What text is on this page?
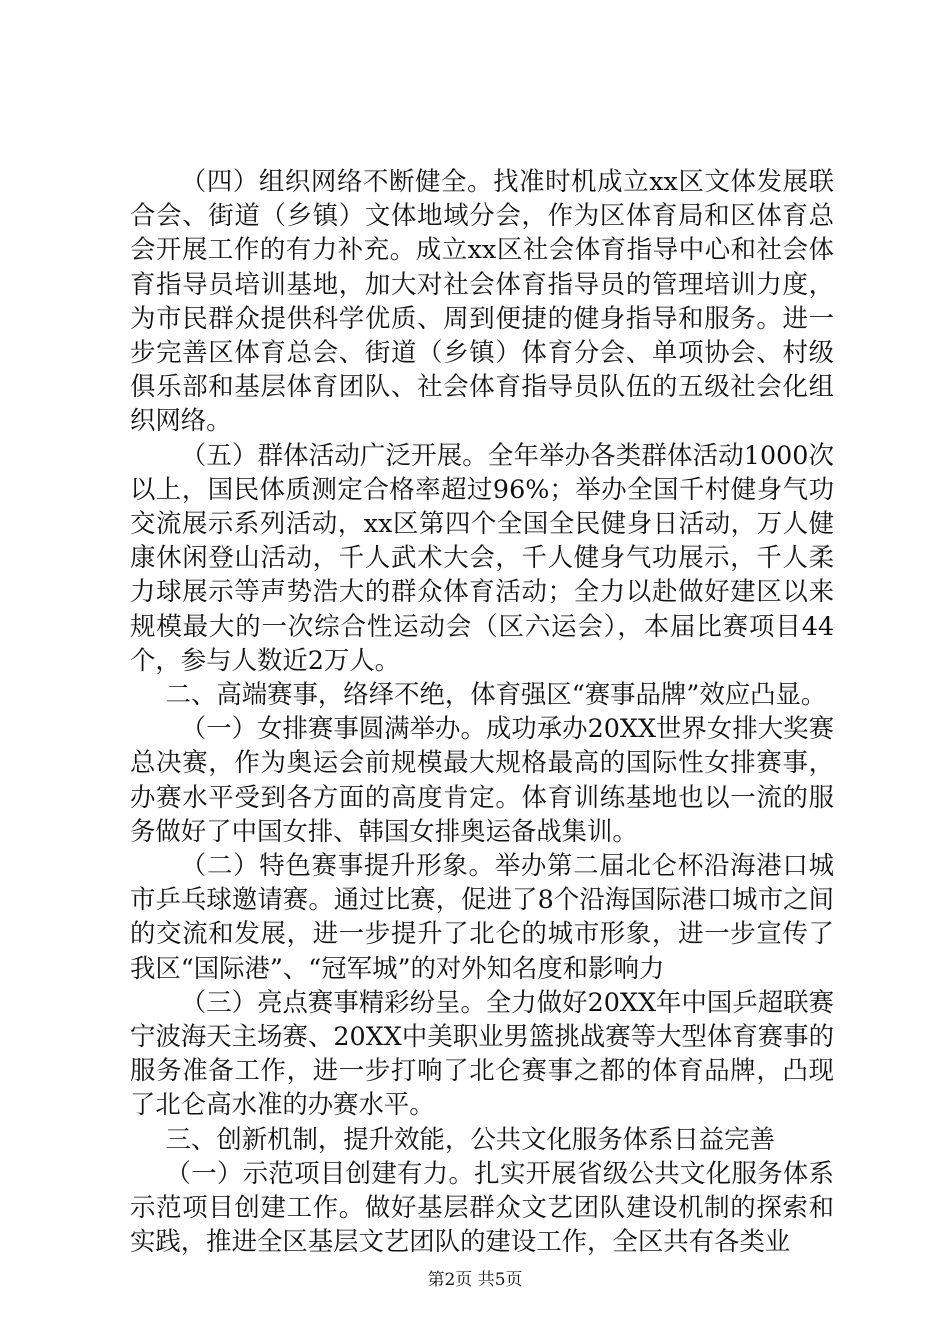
（四）组织网络不断健全。找准时机成立xx区文体发展联合会、街道（乡镇）文体地域分会，作为区体育局和区体育总会开展工作的有力补充。成立xx区社会体育指导中心和社会体育指导员培训基地，加大对社会体育指导员的管理培训力度，为市民群众提供科学优质、周到便捷的健身指导和服务。进一步完善区体育总会、街道（乡镇）体育分会、单项协会、村级俱乐部和基层体育团队、社会体育指导员队伍的五级社会化组织网络。

（五）群体活动广泛开展。全年举办各类群体活动1000次以上，国民体质测定合格率超过96%；举办全国千村健身气功交流展示系列活动，xx区第四个全国全民健身日活动，万人健康休闲登山活动，千人武术大会，千人健身气功展示，千人柔力球展示等声势浩大的群众体育活动；全力以赴做好建区以来规模最大的一次综合性运动会（区六运会），本届比赛项目44个，参与人数近2万人。

二、高端赛事，络绎不绝，体育强区“赛事品牌”效应凸显。

（一）女排赛事圆满举办。成功承办20XX世界女排大奖赛总决赛，作为奥运会前规模最大规格最高的国际性女排赛事，办赛水平受到各方面的高度肯定。体育训练基地也以一流的服务做好了中国女排、韩国女排奥运备战集训。

（二）特色赛事提升形象。举办第二届北仑杯沿海港口城市乒乓球邀请赛。通过比赛，促进了8个沿海国际港口城市之间的交流和发展，进一步提升了北仑的城市形象，进一步宣传了我区“国际港”、“冠军城”的对外知名度和影响力

（三）亮点赛事精彩纷呈。全力做好20XX年中国乒超联赛宁波海天主场赛、20XX中美职业男篮挑战赛等大型体育赛事的服务准备工作，进一步打响了北仑赛事之都的体育品牌，凸现了北仑高水准的办赛水平。

三、创新机制，提升效能，公共文化服务体系日益完善

（一）示范项目创建有力。扎实开展省级公共文化服务体系示范项目创建工作。做好基层群众文艺团队建设机制的探索和实践，推进全区基层文艺团队的建设工作，全区共有各类业

第2页 共5页
